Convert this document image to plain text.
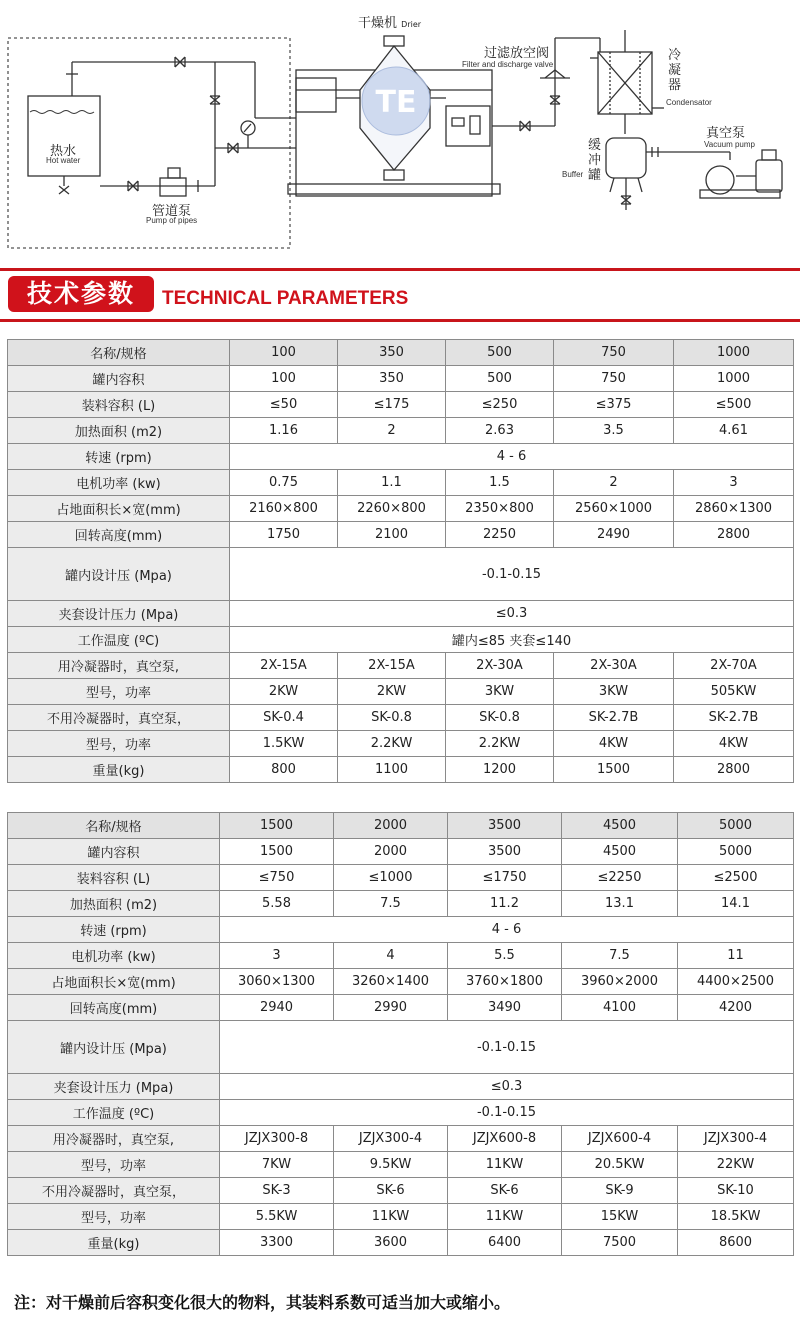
TE
干燥机 Drier
过滤放空阀
Filter and discharge valve
冷凝器
Condensator
真空泵
Vacuum pump
缓冲罐
Buffer
热水
Hot water
管道泵
Pump of pipes
技术参数	TECHNICAL PARAMETERS
名称/规格	100	350	500	750	1000
罐内容积	100	350	500	750	1000
装料容积 (L)	≤50	≤175	≤250	≤375	≤500
加热面积 (m2)	1.16	2	2.63	3.5	4.61
转速 (rpm)	4 - 6				
电机功率 (kw)	0.75	1.1	1.5	2	3
占地面积长×宽(mm)	2160×800	2260×800	2350×800	2560×1000	2860×1300
回转高度(mm)	1750	2100	2250	2490	2800
罐内设计压 (Mpa)	-0.1-0.15				
夹套设计压力 (Mpa)	≤0.3				
工作温度 (ºC)	罐内≤85 夹套≤140				
用冷凝器时，真空泵,	2X-15A	2X-15A	2X-30A	2X-30A	2X-70A
型号，功率	2KW	2KW	3KW	3KW	505KW
不用冷凝器时，真空泵，	SK-0.4	SK-0.8	SK-0.8	SK-2.7B	SK-2.7B
型号，功率	1.5KW	2.2KW	2.2KW	4KW	4KW
重量(kg)	800	1100	1200	1500	2800
名称/规格	1500	2000	3500	4500	5000
罐内容积	1500	2000	3500	4500	5000
装料容积 (L)	≤750	≤1000	≤1750	≤2250	≤2500
加热面积 (m2)	5.58	7.5	11.2	13.1	14.1
转速 (rpm)	4 - 6				
电机功率 (kw)	3	4	5.5	7.5	11
占地面积长×宽(mm)	3060×1300	3260×1400	3760×1800	3960×2000	4400×2500
回转高度(mm)	2940	2990	3490	4100	4200
罐内设计压 (Mpa)	-0.1-0.15				
夹套设计压力 (Mpa)	≤0.3				
工作温度 (ºC)	-0.1-0.15				
用冷凝器时，真空泵,	JZJX300-8	JZJX300-4	JZJX600-8	JZJX600-4	JZJX300-4
型号，功率	7KW	9.5KW	11KW	20.5KW	22KW
不用冷凝器时，真空泵，	SK-3	SK-6	SK-6	SK-9	SK-10
型号，功率	5.5KW	11KW	11KW	15KW	18.5KW
重量(kg)	3300	3600	6400	7500	8600
注：对干燥前后容积变化很大的物料，其装料系数可适当加大或缩小。
